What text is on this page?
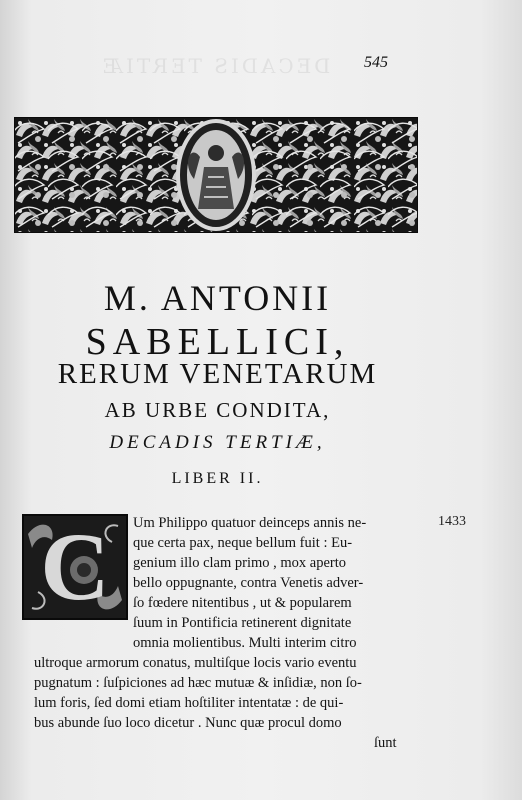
DECADIS TERTIÆ 545
M. ANTONII
SABELLICI,
RERUM VENETARUM
AB URBE CONDITA,
DECADIS TERTIÆ,
LIBER II.
C	1433
Um Philippo quatuor deinceps annis ne-
que certa pax, neque bellum fuit : Eu-
genium illo clam primo , mox aperto
bello oppugnante, contra Venetis adver-
ſo fœdere nitentibus , ut & popularem
ſuum in Pontificia retinerent dignitate
omnia molientibus. Multi interim citro
ultroque armorum conatus, multiſque locis vario eventu
pugnatum : ſuſpiciones ad hæc mutuæ & inſidiæ, non ſo-
lum foris, ſed domi etiam hoſtiliter intentatæ : de qui-
bus abunde ſuo loco dicetur . Nunc quæ procul domo
ſunt
